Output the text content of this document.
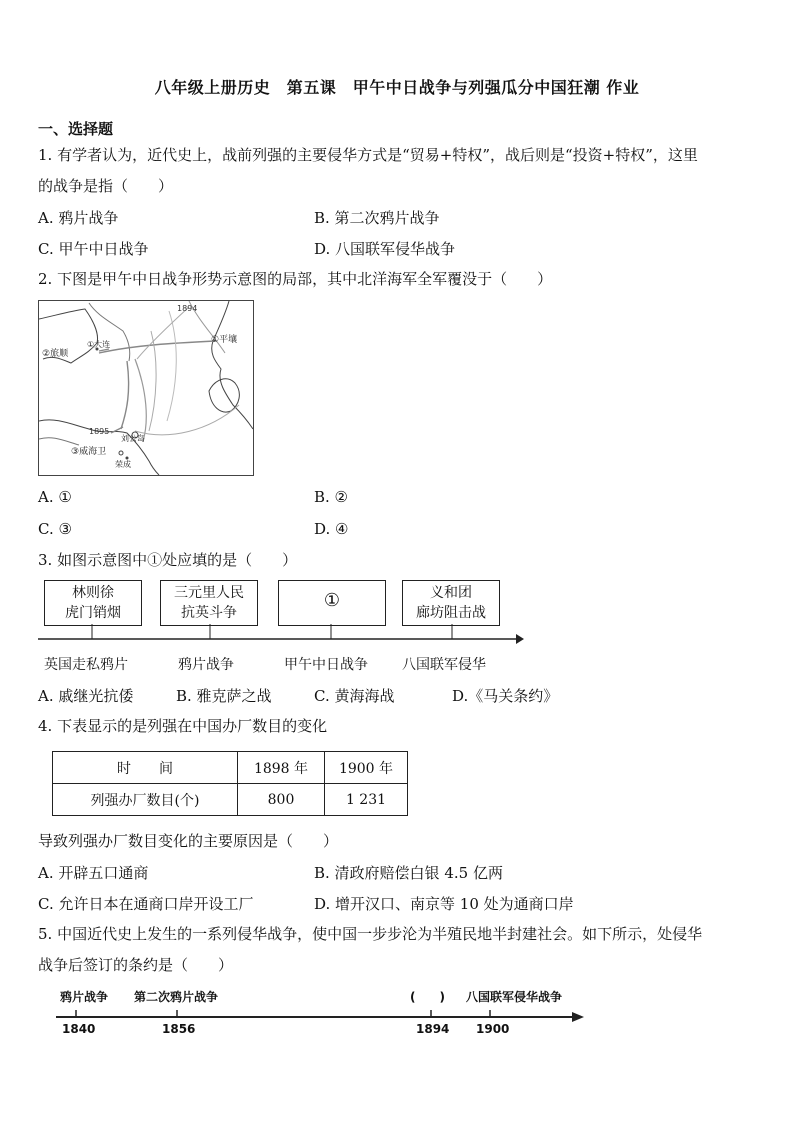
八年级上册历史　第五课　甲午中日战争与列强瓜分中国狂潮 作业
一、选择题
1. 有学者认为，近代史上，战前列强的主要侵华方式是“贸易+特权”，战后则是“投资+特权”，这里
的战争是指（　　）
A. 鸦片战争	B. 第二次鸦片战争
C. 甲午中日战争	D. 八国联军侵华战争
2. 下图是甲午中日战争形势示意图的局部，其中北洋海军全军覆没于（　　）
1894
①平壤
①大连
②旅顺
1895
刘公岛
③威海卫
荣成
A. ①	B. ②
C. ③	D. ④
3. 如图示意图中①处应填的是（　　）
林则徐
虎门销烟
三元里人民
抗英斗争
①	义和团
廊坊阻击战
英国走私鸦片	鸦片战争	甲午中日战争 八国联军侵华
A. 戚继光抗倭	B. 雅克萨之战	C. 黄海海战	D.《马关条约》
4. 下表显示的是列强在中国办厂数目的变化
时　　间	1898 年	1900 年
列强办厂数目(个)	800	1 231
导致列强办厂数目变化的主要原因是（　　）
A. 开辟五口通商	B. 清政府赔偿白银 4.5 亿两
C. 允许日本在通商口岸开设工厂	D. 增开汉口、南京等 10 处为通商口岸
5. 中国近代史上发生的一系列侵华战争，使中国一步步沦为半殖民地半封建社会。如下所示，处侵华
战争后签订的条约是（　　）
鸦片战争 第二次鸦片战争	(　　) 八国联军侵华战争
1840	1856	1894 1900
